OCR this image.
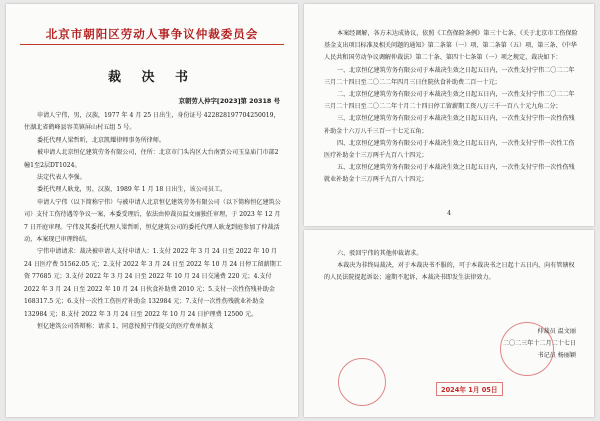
北京市朝阳区劳动人事争议仲裁委员会
裁 决 书
京朝劳人仲字[2023]第 20318 号

申请人宁伟，男，汉族，1977 年 4 月 25 日出生，身份证号 422828197704250019，住湖北省鹤峰县容美镇屏山村五组 5 号。

委托代理人梁哲昕，北京凯耀律师事务所律师。

被申请人北京恒亿建筑劳务有限公司，住所：北京市门头沟区大台南贾公司玉皇庙门市部2幢1至2层DT1024。

法定代表人李强。

委托代理人耿龙，男，汉族，1989 年 1 月 18 日出生，该公司员工。

申请人宁伟（以下简称宁伟）与被申请人北京恒亿建筑劳务有限公司（以下简称恒亿建筑公司）支付工伤待遇等争议一案，本委受理后，依法由仲裁员温文丽独任审理，于 2023 年 12 月 7 日开庭审理。宁伟及其委托代理人梁哲昕，恒亿建筑公司的委托代理人耿龙到庭参加了仲裁活动，本案现已审理终结。

宁伟申请请求：裁决被申请人支付申请人：1.支付 2022 年 3 月 24 日至 2022 年 10 月 24 日医疗费 51562.05 元；2.支付 2022 年 3 月 24 日至 2022 年 10 月 24 日停工留薪期工资 77685 元；3.支付 2022 年 3 月 24 日至 2022 年 10 月 24 日交通费 220 元；4.支付 2022 年 3 月 24 日至 2022 年 10 月 24 日伙食补助费 2010 元；5.支付一次性伤残补助金 168317.5 元；6.支付一次性工伤医疗补助金 132984 元；7.支付一次性伤残就业补助金 132984 元；8.支付 2022 年 3 月 24 日至 2022 年 10 月 24 日护理费 12500 元。

恒亿建筑公司答辩称：请求 1、同意按照宁伟提交的医疗费单据支

本案经调解，各方未达成协议，依照《工伤保险条例》第三十七条、《关于北京市工伤保险基金支出项目标准及相关问题的通知》第二条第（一）项、第二条第（五）项、第三条、《中华人民共和国劳动争议调解仲裁法》第二十条、第四十七条第（一）项之规定，裁决如下：

一、北京恒亿建筑劳务有限公司于本裁决生效之日起五日内，一次性支付宁伟二〇二二年三月二十四日至二〇二二年四月三日住院伙食补助费二百一十元；

二、北京恒亿建筑劳务有限公司于本裁决生效之日起五日内，一次性支付宁伟二〇二二年三月二十四日至二〇二二年十月二十四日停工留薪期工资八万三千一百八十元九角二分；

三、北京恒亿建筑劳务有限公司于本裁决生效之日起五日内，一次性支付宁伟一次性伤残补助金十六万八千三百一十七元五角；

四、北京恒亿建筑劳务有限公司于本裁决生效之日起五日内，一次性支付宁伟一次性工伤医疗补助金十三万两千九百八十四元；

五、北京恒亿建筑劳务有限公司于本裁决生效之日起五日内，一次性支付宁伟一次性伤残就业补助金十三万两千九百八十四元；

4

六、驳回宁伟的其他仲裁请求。

本裁决为非终局裁决，对于本裁决书不服的，可于本裁决书之日起十五日内，向有管辖权的人民法院提起诉讼；逾期不起诉，本裁决书即发生法律效力。

仲裁员 温文丽
二〇二三年十二月二十七日
书记员 杨丽颖
2024年 1月 05日
